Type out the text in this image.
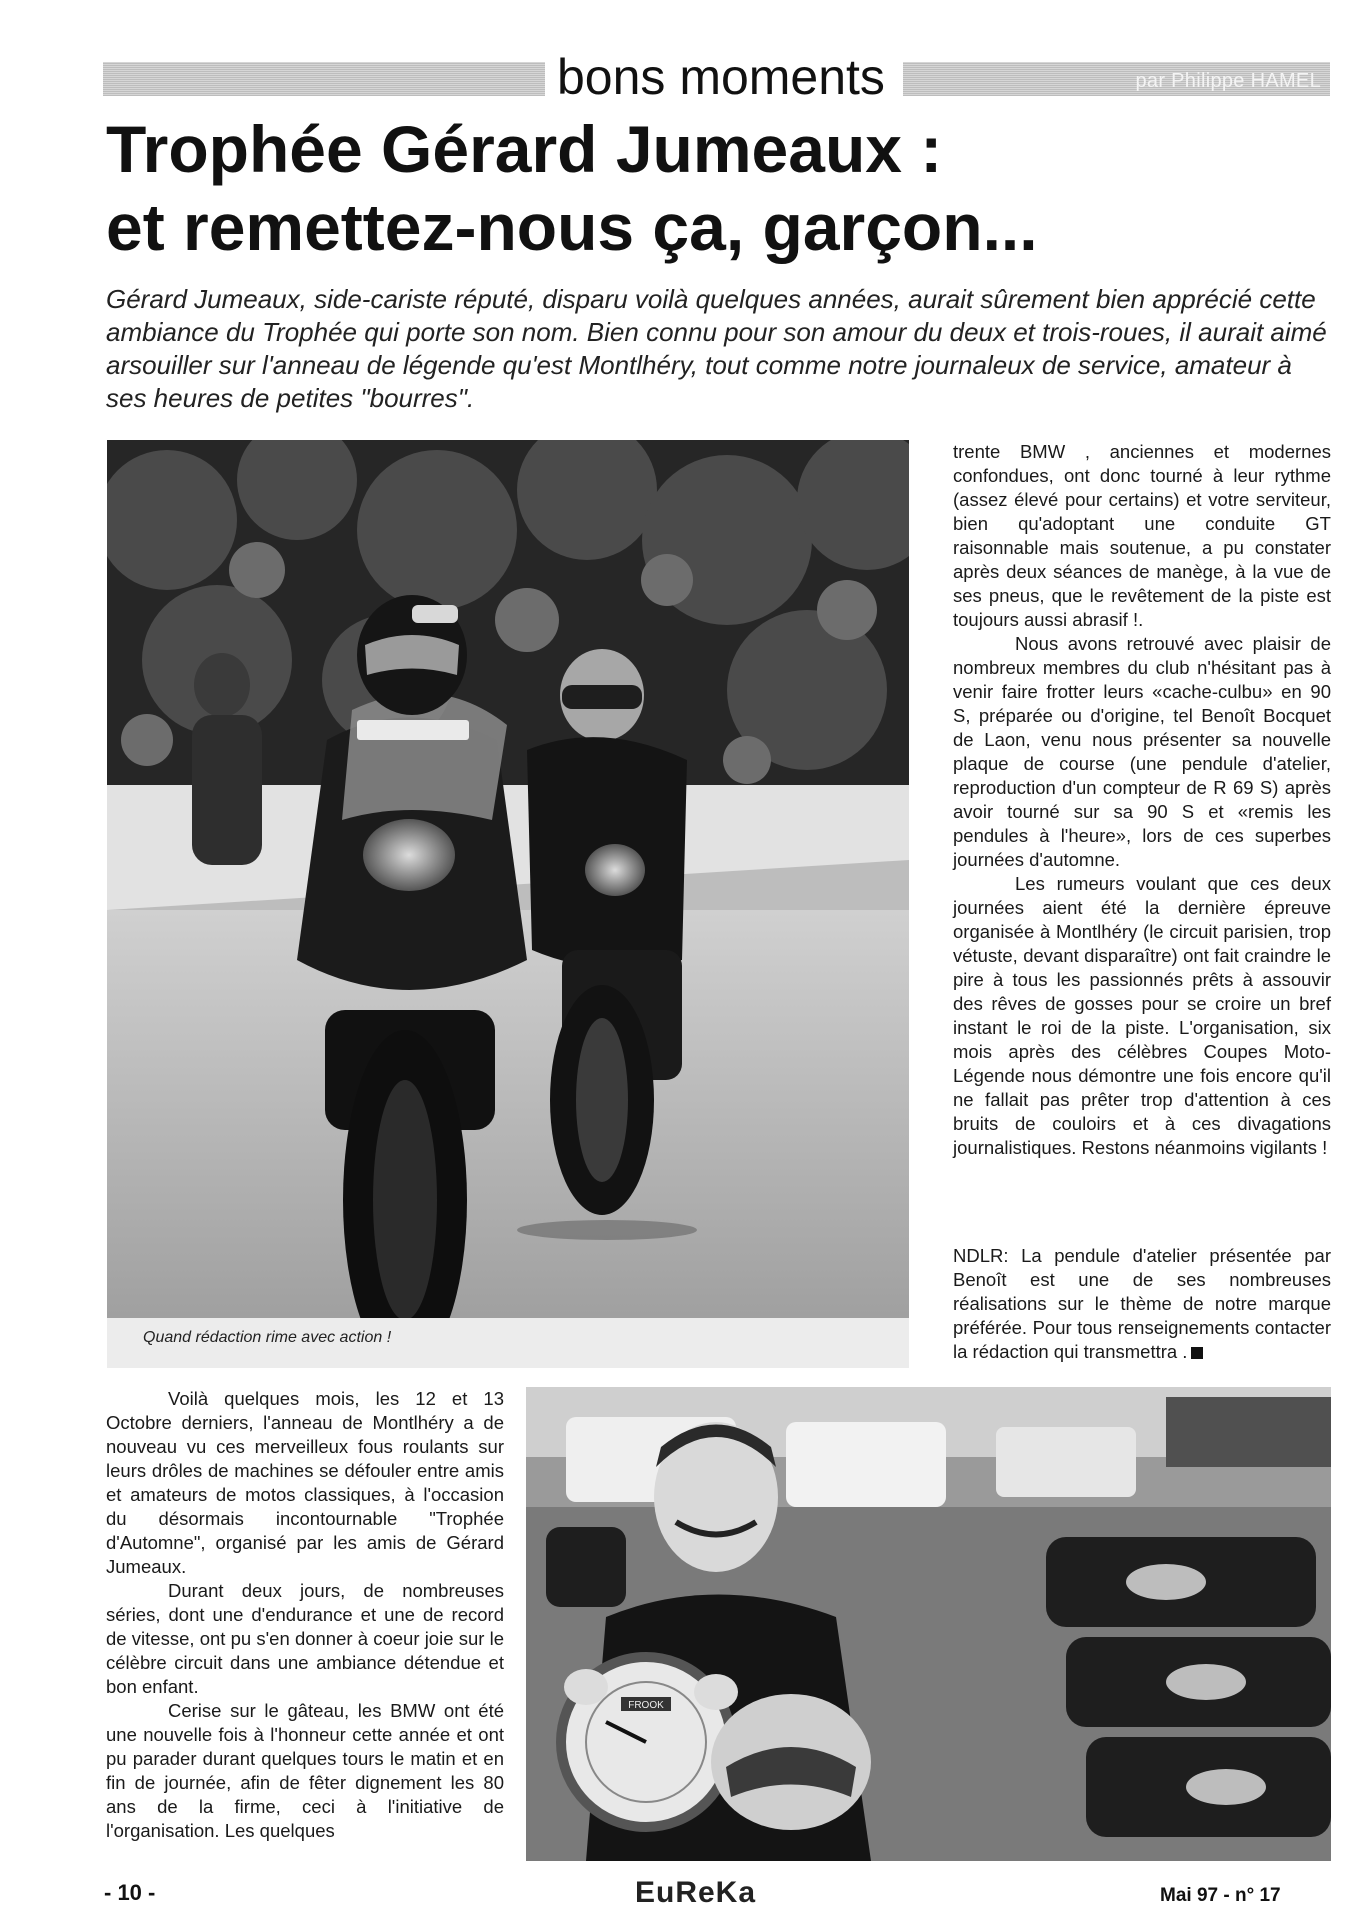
bons moments	par Philippe HAMEL
Trophée Gérard Jumeaux :
et remettez-nous ça, garçon...

Gérard Jumeaux, side-cariste réputé, disparu voilà quelques années, aurait sûrement bien apprécié cette ambiance du Trophée qui porte son nom. Bien connu pour son amour du deux et trois-roues, il aurait aimé arsouiller sur l'anneau de légende qu'est Montlhéry, tout comme notre journaleux de service, amateur à ses heures de petites "bourres".

Quand rédaction rime avec action !

trente BMW , anciennes et modernes confondues, ont donc tourné à leur rythme (assez élevé pour certains) et votre serviteur, bien qu'adoptant une conduite GT raisonnable mais soutenue, a pu constater après deux séances de manège, à la vue de ses pneus, que le revêtement de la piste est toujours aussi abrasif !.

Nous avons retrouvé avec plaisir de nombreux membres du club n'hésitant pas à venir faire frotter leurs «cache-culbu» en 90 S, préparée ou d'origine, tel Benoît Bocquet de Laon, venu nous présenter sa nouvelle plaque de course (une pendule d'atelier, reproduction d'un compteur de R 69 S) après avoir tourné sur sa 90 S et «remis les pendules à l'heure», lors de ces superbes journées d'automne.

Les rumeurs voulant que ces deux journées aient été la dernière épreuve organisée à Montlhéry (le circuit parisien, trop vétuste, devant disparaître) ont fait craindre le pire à tous les passionnés prêts à assouvir des rêves de gosses pour se croire un bref instant le roi de la piste. L'organisation, six mois après des célèbres Coupes Moto-Légende nous démontre une fois encore qu'il ne fallait pas prêter trop d'attention à ces bruits de couloirs et à ces divagations journalistiques. Restons néanmoins vigilants !

NDLR: La pendule d'atelier présentée par Benoît est une de ses nombreuses réalisations sur le thème de notre marque préférée. Pour tous renseignements contacter la rédaction qui transmettra .

Voilà quelques mois, les 12 et 13 Octobre derniers, l'anneau de Montlhéry a de nouveau vu ces merveilleux fous roulants sur leurs drôles de machines se défouler entre amis et amateurs de motos classiques, à l'occasion du désormais incontournable "Trophée d'Automne", organisé par les amis de Gérard Jumeaux.

Durant deux jours, de nombreuses séries, dont une d'endurance et une de record de vitesse, ont pu s'en donner à coeur joie sur le célèbre circuit dans une ambiance détendue et bon enfant.

Cerise sur le gâteau, les BMW ont été une nouvelle fois à l'honneur cette année et ont pu parader durant quelques tours le matin et en fin de journée, afin de fêter dignement les 80 ans de la firme, ceci à l'initiative de l'organisation. Les quelques

FROOK
- 10 -	EuReKa	Mai 97 - n° 17
